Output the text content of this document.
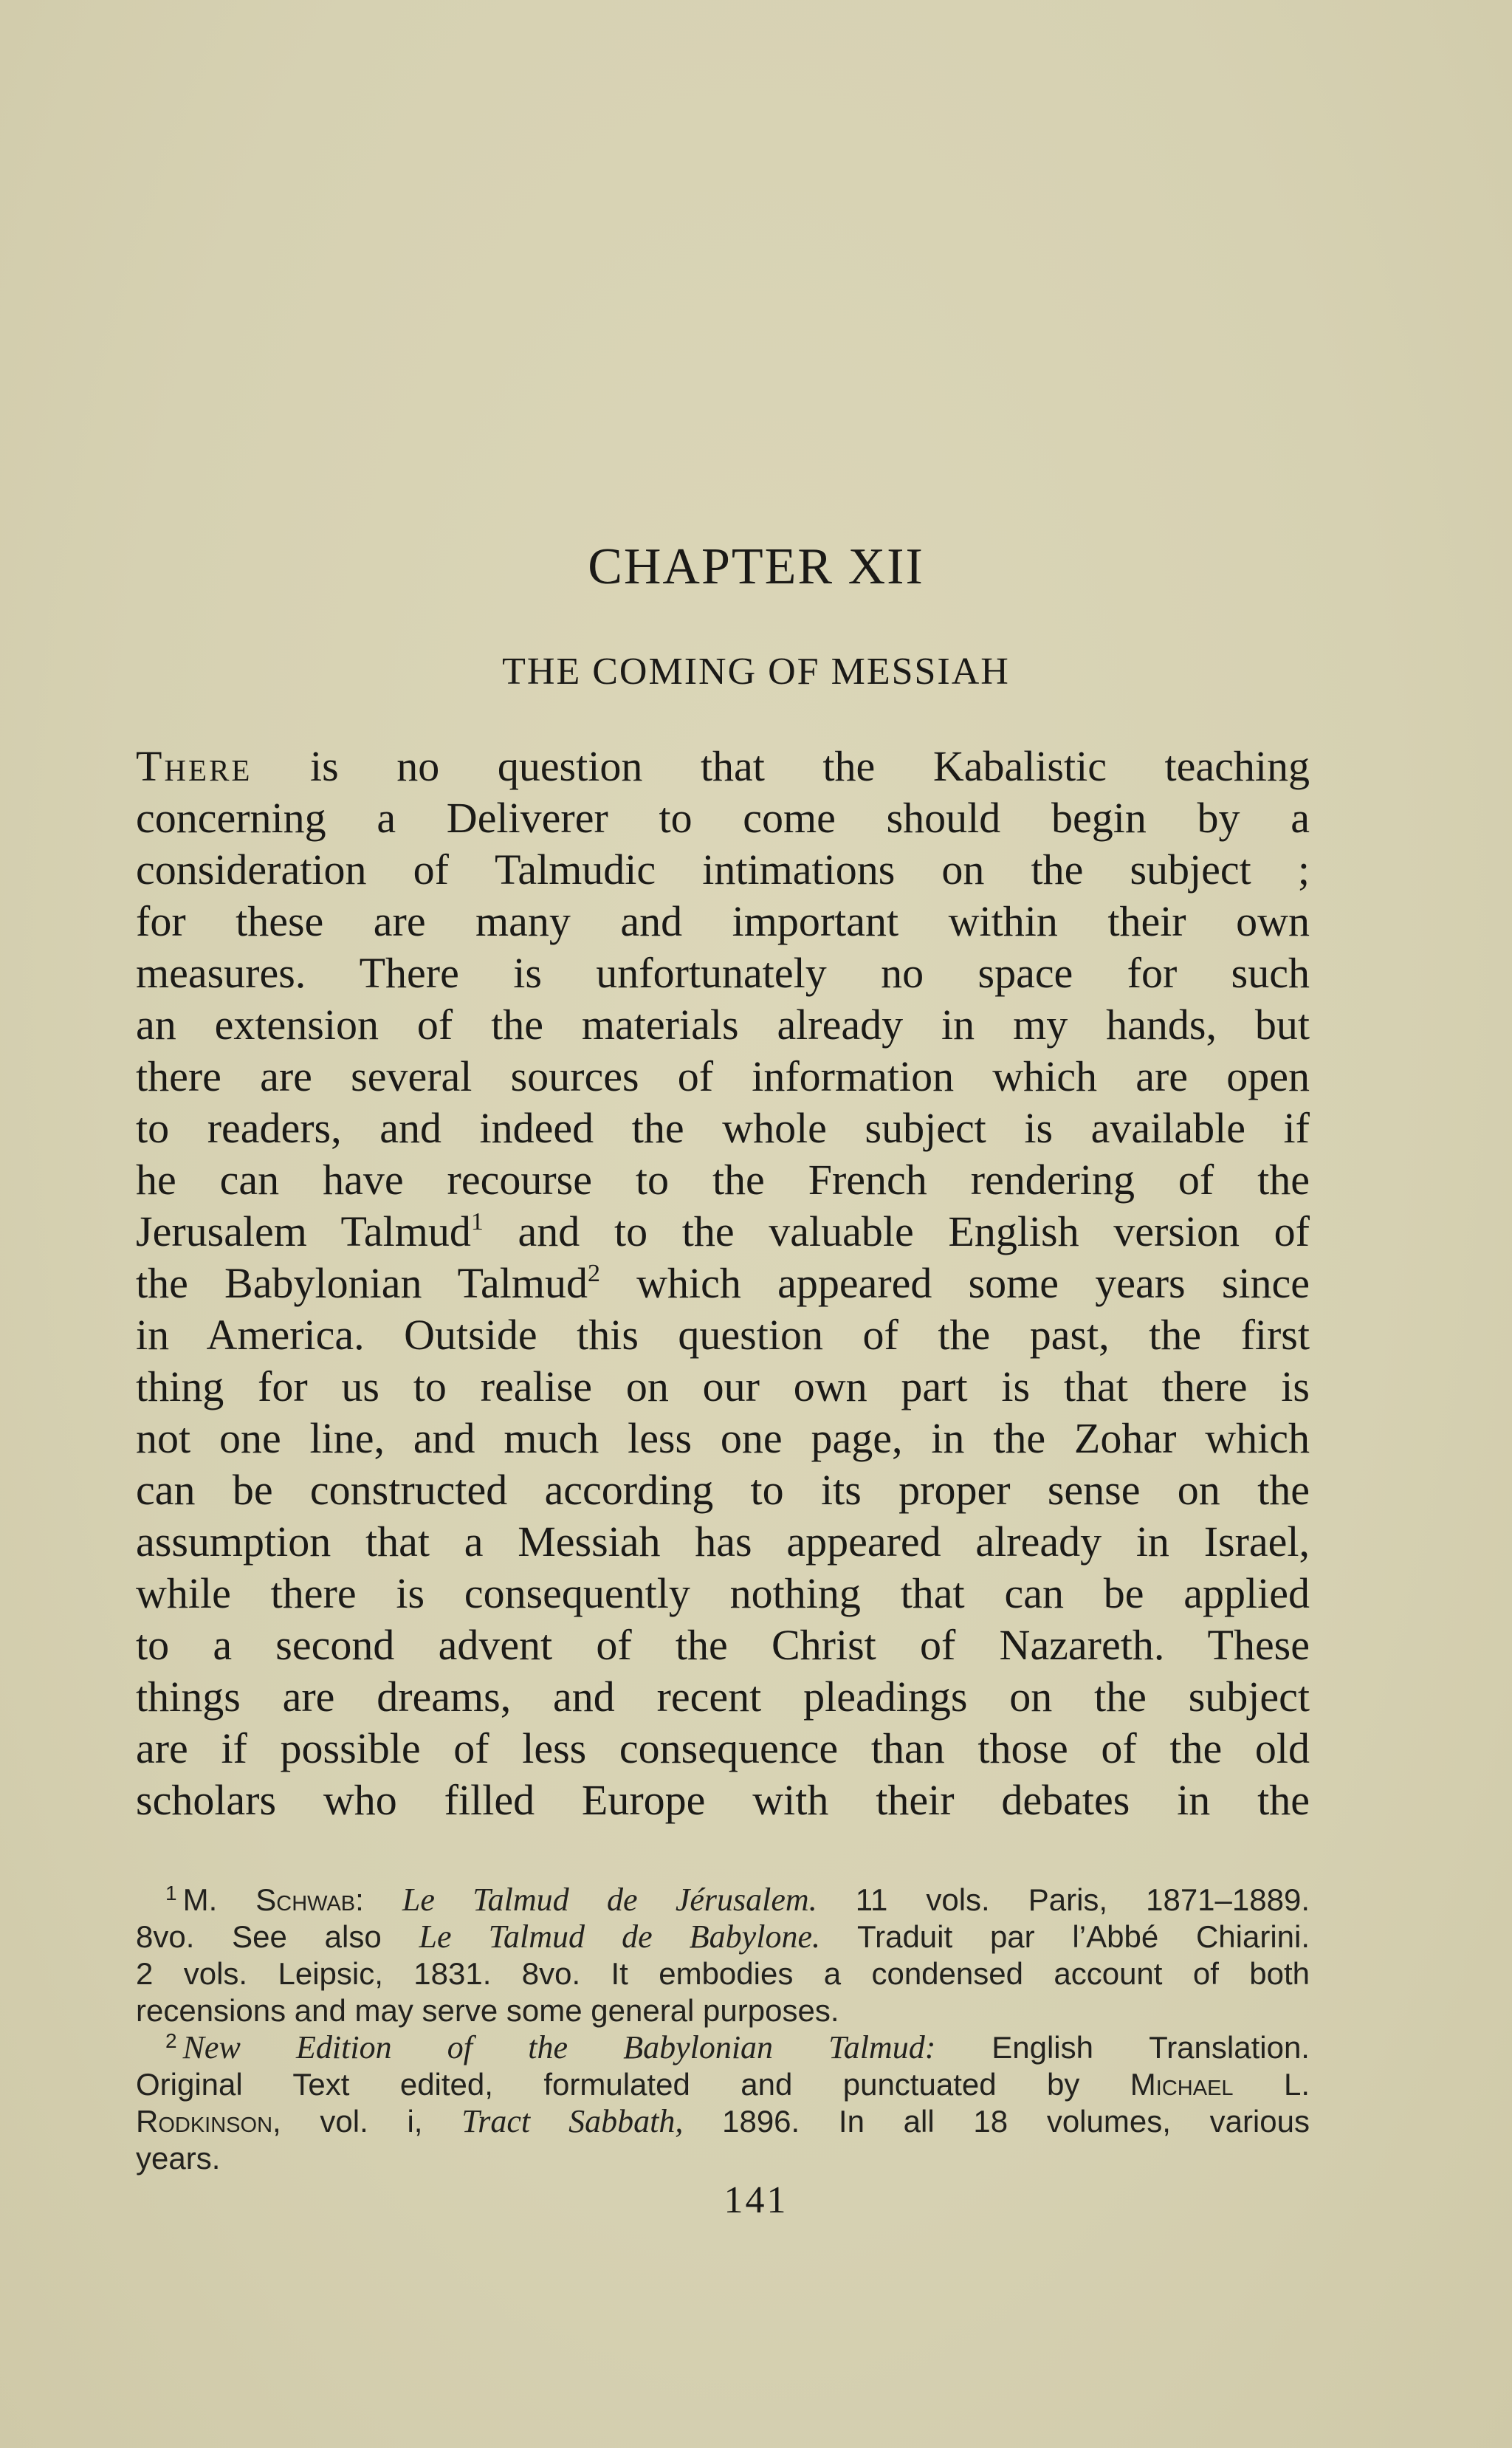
CHAPTER XII
THE COMING OF MESSIAH
There is no question that the Kabalistic teaching
concerning a Deliverer to come should begin by a
consideration of Talmudic intimations on the subject ;
for these are many and important within their own
measures. There is unfortunately no space for such
an extension of the materials already in my hands, but
there are several sources of information which are open
to readers, and indeed the whole subject is available if
he can have recourse to the French rendering of the
Jerusalem Talmud$^1$ and to the valuable English version of
the Babylonian Talmud$^2$ which appeared some years since
in America. Outside this question of the past, the first
thing for us to realise on our own part is that there is
not one line, and much less one page, in the Zohar which
can be constructed according to its proper sense on the
assumption that a Messiah has appeared already in Israel,
while there is consequently nothing that can be applied
to a second advent of the Christ of Nazareth. These
things are dreams, and recent pleadings on the subject
are if possible of less consequence than those of the old
scholars who filled Europe with their debates in the
$^1$ M. Schwab: Le Talmud de Jérusalem. 11 vols. Paris, 1871–1889.
8vo. See also Le Talmud de Babylone. Traduit par l’Abbé Chiarini.
2 vols. Leipsic, 1831. 8vo. It embodies a condensed account of both
recensions and may serve some general purposes.
$^2$ New Edition of the Babylonian Talmud: English Translation.
Original Text edited, formulated and punctuated by Michael L.
Rodkinson, vol. i, Tract Sabbath, 1896. In all 18 volumes, various
years.
141
